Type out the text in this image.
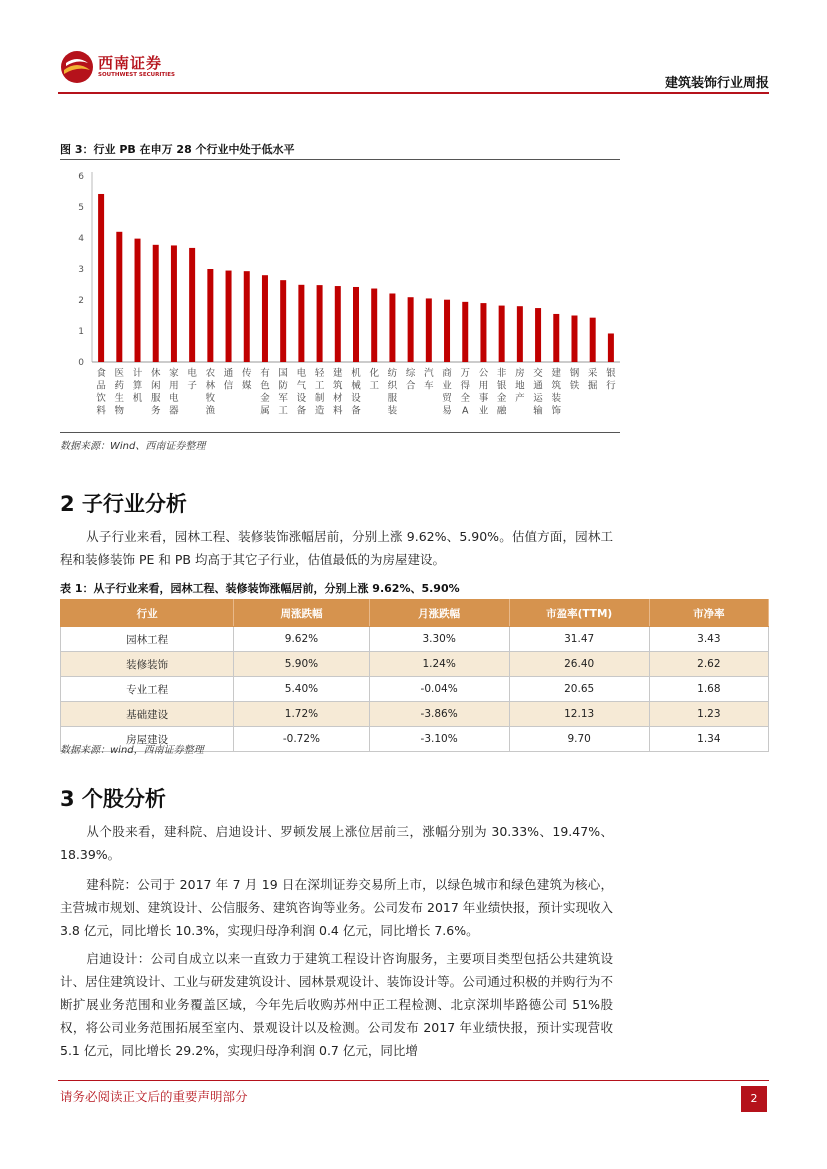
西南证券
SOUTHWEST SECURITIES
建筑装饰行业周报
图 3：行业 PB 在申万 28 个行业中处于低水平
0
1
2
3
4
5
6
食品饮料
医药生物
计算机
休闲服务
家用电器
电子
农林牧渔
通信
传媒
有色金属
国防军工
电气设备
轻工制造
建筑材料
机械设备
化工
纺织服装
综合
汽车
商业贸易
万得全 A
公用事业
非银金融
房地产
交通运输
建筑装饰
钢铁
采掘
银行
数据来源：Wind、西南证券整理
2 子行业分析

从子行业来看，园林工程、装修装饰涨幅居前，分别上涨 9.62%、5.90%。估值方面，园林工程和装修装饰 PE 和 PB 均高于其它子行业，估值最低的为房屋建设。

表 1：从子行业来看，园林工程、装修装饰涨幅居前，分别上涨 9.62%、5.90%
行业	周涨跌幅	月涨跌幅	市盈率(TTM)	市净率
园林工程	9.62%	3.30%	31.47	3.43
装修装饰	5.90%	1.24%	26.40	2.62
专业工程	5.40%	-0.04%	20.65	1.68
基础建设	1.72%	-3.86%	12.13	1.23
房屋建设	-0.72%	-3.10%	9.70	1.34
数据来源：wind，西南证券整理
3 个股分析

从个股来看，建科院、启迪设计、罗顿发展上涨位居前三，涨幅分别为 30.33%、19.47%、18.39%。

建科院：公司于 2017 年 7 月 19 日在深圳证券交易所上市，以绿色城市和绿色建筑为核心，主营城市规划、建筑设计、公信服务、建筑咨询等业务。公司发布 2017 年业绩快报，预计实现收入 3.8 亿元，同比增长 10.3%，实现归母净利润 0.4 亿元，同比增长 7.6%。

启迪设计：公司自成立以来一直致力于建筑工程设计咨询服务，主要项目类型包括公共建筑设计、居住建筑设计、工业与研发建筑设计、园林景观设计、装饰设计等。公司通过积极的并购行为不断扩展业务范围和业务覆盖区域，今年先后收购苏州中正工程检测、北京深圳毕路德公司 51%股权，将公司业务范围拓展至室内、景观设计以及检测。公司发布 2017 年业绩快报，预计实现营收 5.1 亿元，同比增长 29.2%，实现归母净利润 0.7 亿元，同比增

请务必阅读正文后的重要声明部分	2
